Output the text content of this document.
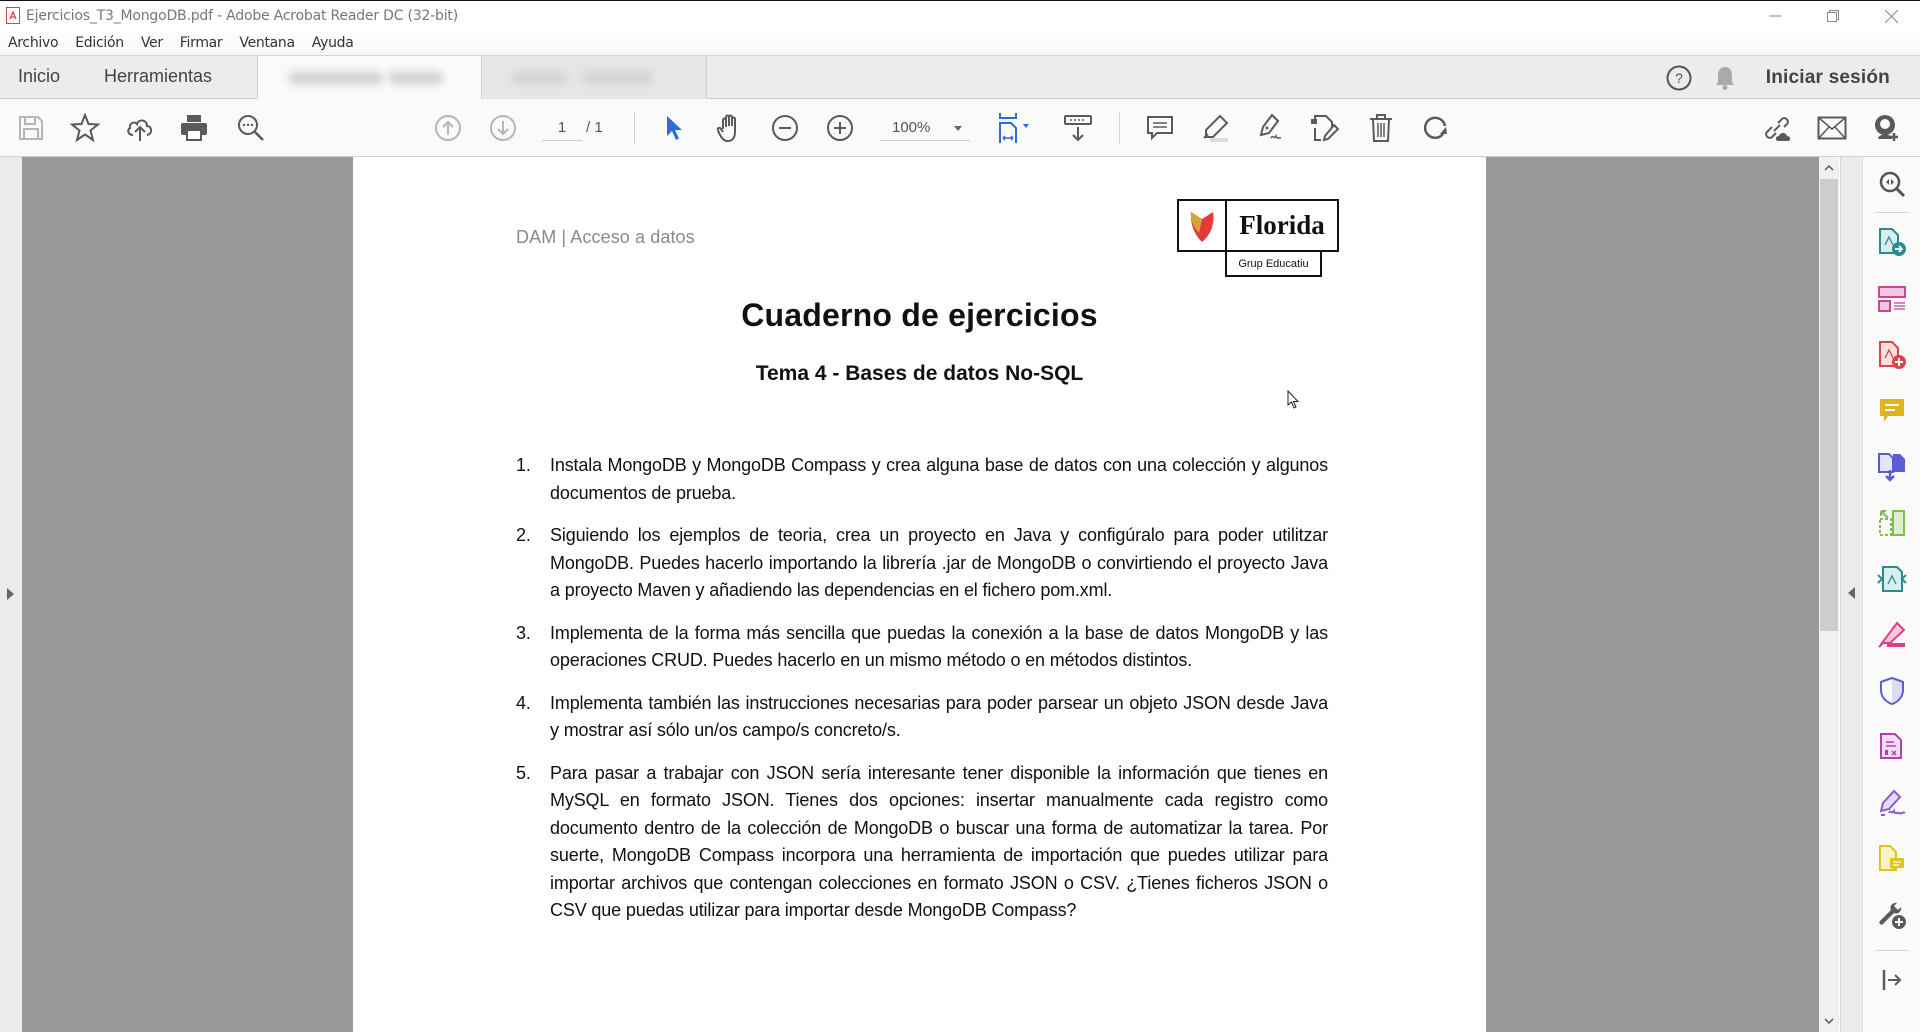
Ejercicios_T3_MongoDB.pdf - Adobe Acrobat Reader DC (32-bit)
Archivo Edición Ver Firmar Ventana Ayuda
Inicio Herramientas	?	Iniciar sesión
1	/ 1	100%
DAM | Acceso a datos	Florida
Grup Educatiu
Cuaderno de ejercicios
Tema 4 - Bases de datos No-SQL
1.	Instala MongoDB y MongoDB Compass y crea alguna base de datos con una colección y algunos documentos de prueba.
2.	Siguiendo los ejemplos de teoria, crea un proyecto en Java y configúralo para poder utilitzar MongoDB. Puedes hacerlo importando la librería .jar de MongoDB o convirtiendo el proyecto Java a proyecto Maven y añadiendo las dependencias en el fichero pom.xml.
3.	Implementa de la forma más sencilla que puedas la conexión a la base de datos MongoDB y las operaciones CRUD. Puedes hacerlo en un mismo método o en métodos distintos.
4.	Implementa también las instrucciones necesarias para poder parsear un objeto JSON desde Java y mostrar así sólo un/os campo/s concreto/s.
5.	Para pasar a trabajar con JSON sería interesante tener disponible la información que tienes en MySQL en formato JSON. Tienes dos opciones: insertar manualmente cada registro como documento dentro de la colección de MongoDB o buscar una forma de automatizar la tarea. Por suerte, MongoDB Compass incorpora una herramienta de importación que puedes utilizar para importar archivos que contengan colecciones en formato JSON o CSV. ¿Tienes ficheros JSON o CSV que puedas utilizar para importar desde MongoDB Compass?
